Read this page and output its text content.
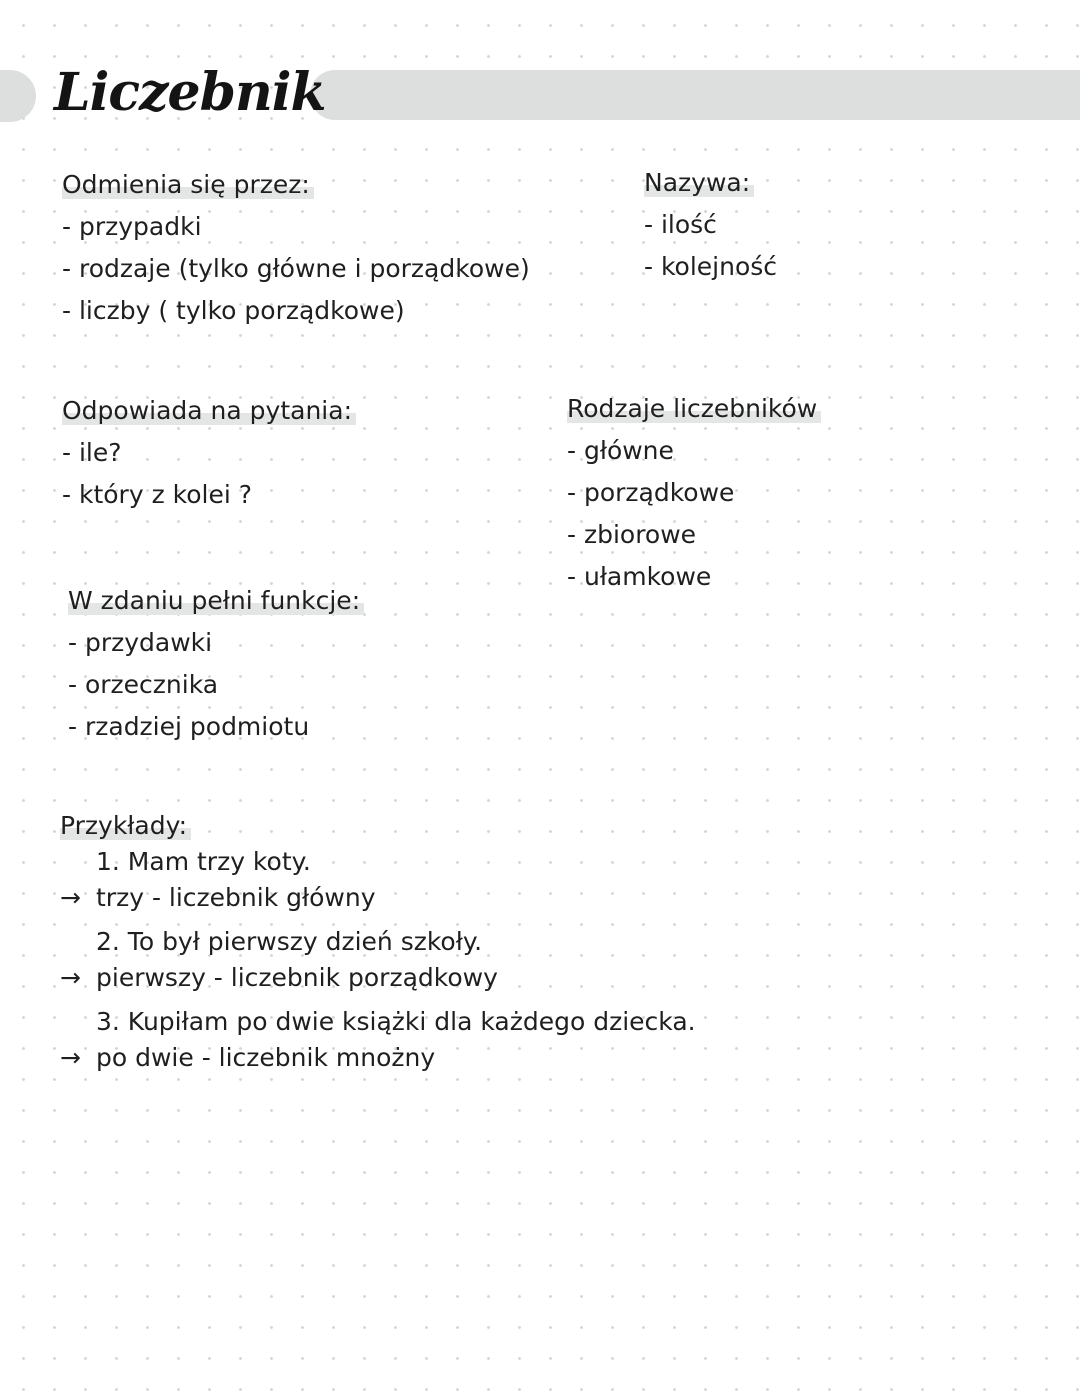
Liczebnik
Odmienia się przez:
- przypadki
- rodzaje (tylko główne i porządkowe)
- liczby ( tylko porządkowe)
Nazywa:
- ilość
- kolejność
Odpowiada na pytania:
- ile?
- który z kolei ?
Rodzaje liczebników
- główne
- porządkowe
- zbiorowe
- ułamkowe
W zdaniu pełni funkcje:
- przydawki
- orzecznika
- rzadziej podmiotu
Przykłady:
1. Mam trzy koty.
→ trzy - liczebnik główny
2. To był pierwszy dzień szkoły.
→ pierwszy - liczebnik porządkowy
3. Kupiłam po dwie książki dla każdego dziecka.
→ po dwie - liczebnik mnożny
